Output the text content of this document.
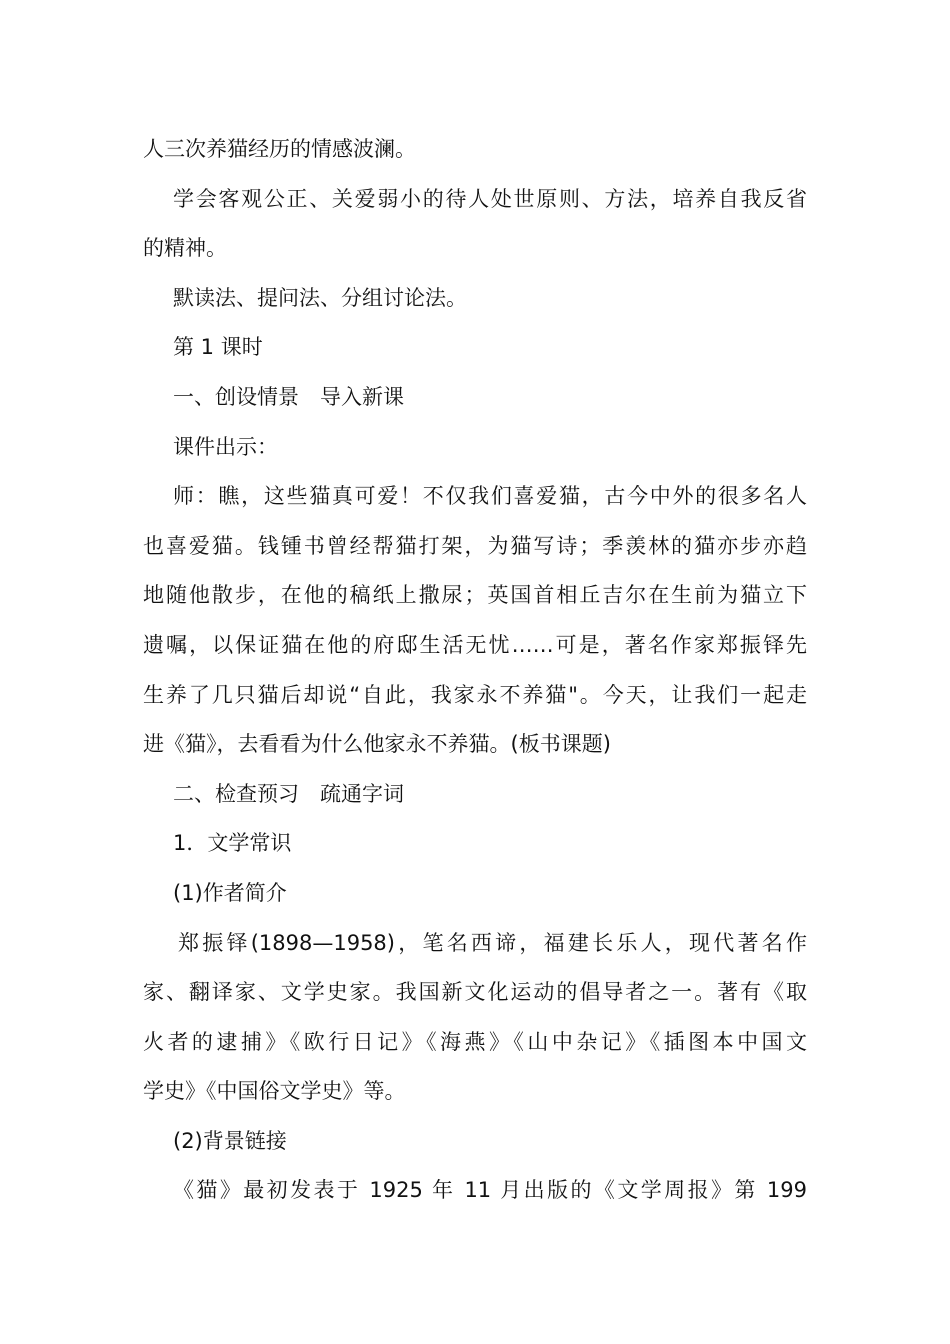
人三次养猫经历的情感波澜。

学会客观公正、关爱弱小的待人处世原则、方法，培养自我反省
的精神。

默读法、提问法、分组讨论法。

第 1 课时

一、创设情景　导入新课

课件出示：

师：瞧，这些猫真可爱！不仅我们喜爱猫，古今中外的很多名人
也喜爱猫。钱锺书曾经帮猫打架，为猫写诗；季羡林的猫亦步亦趋
地随他散步，在他的稿纸上撒尿；英国首相丘吉尔在生前为猫立下
遗嘱，以保证猫在他的府邸生活无忧……可是，著名作家郑振铎先
生养了几只猫后却说“自此，我家永不养猫"。今天，让我们一起走
进《猫》，去看看为什么他家永不养猫。(板书课题)

二、检查预习　疏通字词

1．文学常识

(1)作者简介

郑振铎(1898—1958)，笔名西谛，福建长乐人，现代著名作
家、翻译家、文学史家。我国新文化运动的倡导者之一。著有《取
火者的逮捕》《欧行日记》《海燕》《山中杂记》《插图本中国文
学史》《中国俗文学史》等。

(2)背景链接

《猫》最初发表于 1925 年 11 月出版的《文学周报》第 199
